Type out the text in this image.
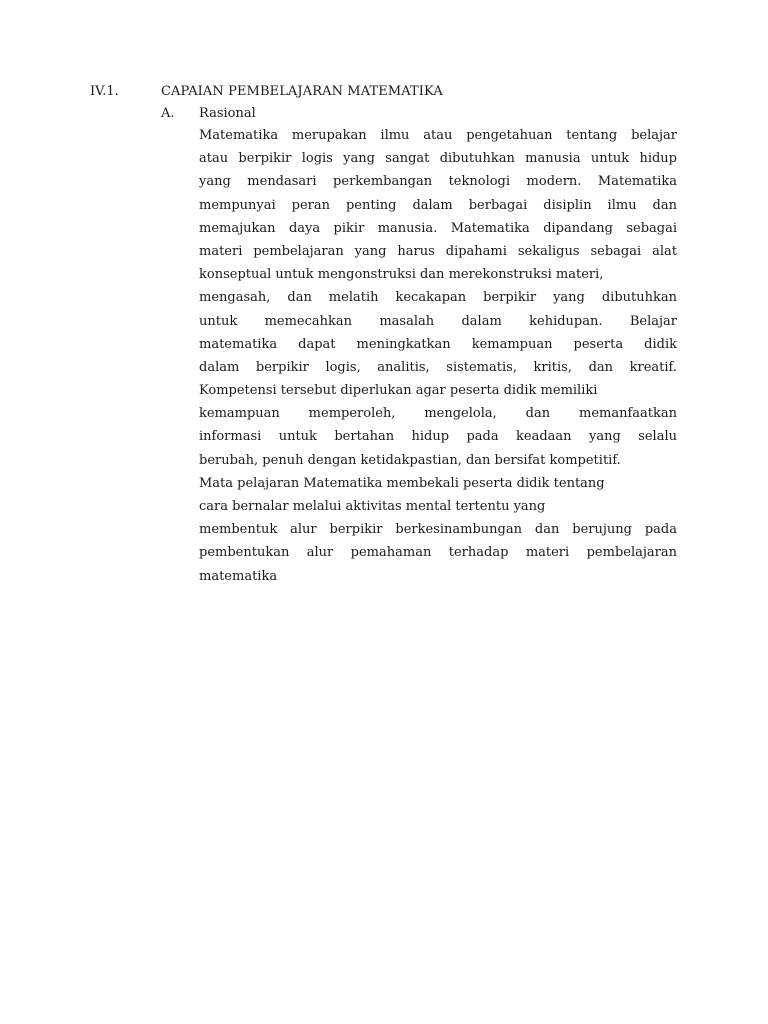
IV.1.	CAPAIAN PEMBELAJARAN MATEMATIKA
A. Rasional
Matematika merupakan ilmu atau pengetahuan tentang belajar
atau berpikir logis yang sangat dibutuhkan manusia untuk hidup
yang mendasari perkembangan teknologi modern. Matematika
mempunyai peran penting dalam berbagai disiplin ilmu dan
memajukan daya pikir manusia. Matematika dipandang sebagai
materi pembelajaran yang harus dipahami sekaligus sebagai alat
konseptual untuk mengonstruksi dan merekonstruksi materi,
mengasah, dan melatih kecakapan berpikir yang dibutuhkan
untuk memecahkan masalah dalam kehidupan. Belajar
matematika dapat meningkatkan kemampuan peserta didik
dalam berpikir logis, analitis, sistematis, kritis, dan kreatif.
Kompetensi tersebut diperlukan agar peserta didik memiliki
kemampuan memperoleh, mengelola, dan memanfaatkan
informasi untuk bertahan hidup pada keadaan yang selalu
berubah, penuh dengan ketidakpastian, dan bersifat kompetitif.
Mata pelajaran Matematika membekali peserta didik tentang
cara bernalar melalui aktivitas mental tertentu yang
membentuk alur berpikir berkesinambungan dan berujung pada
pembentukan alur pemahaman terhadap materi pembelajaran
matematika
